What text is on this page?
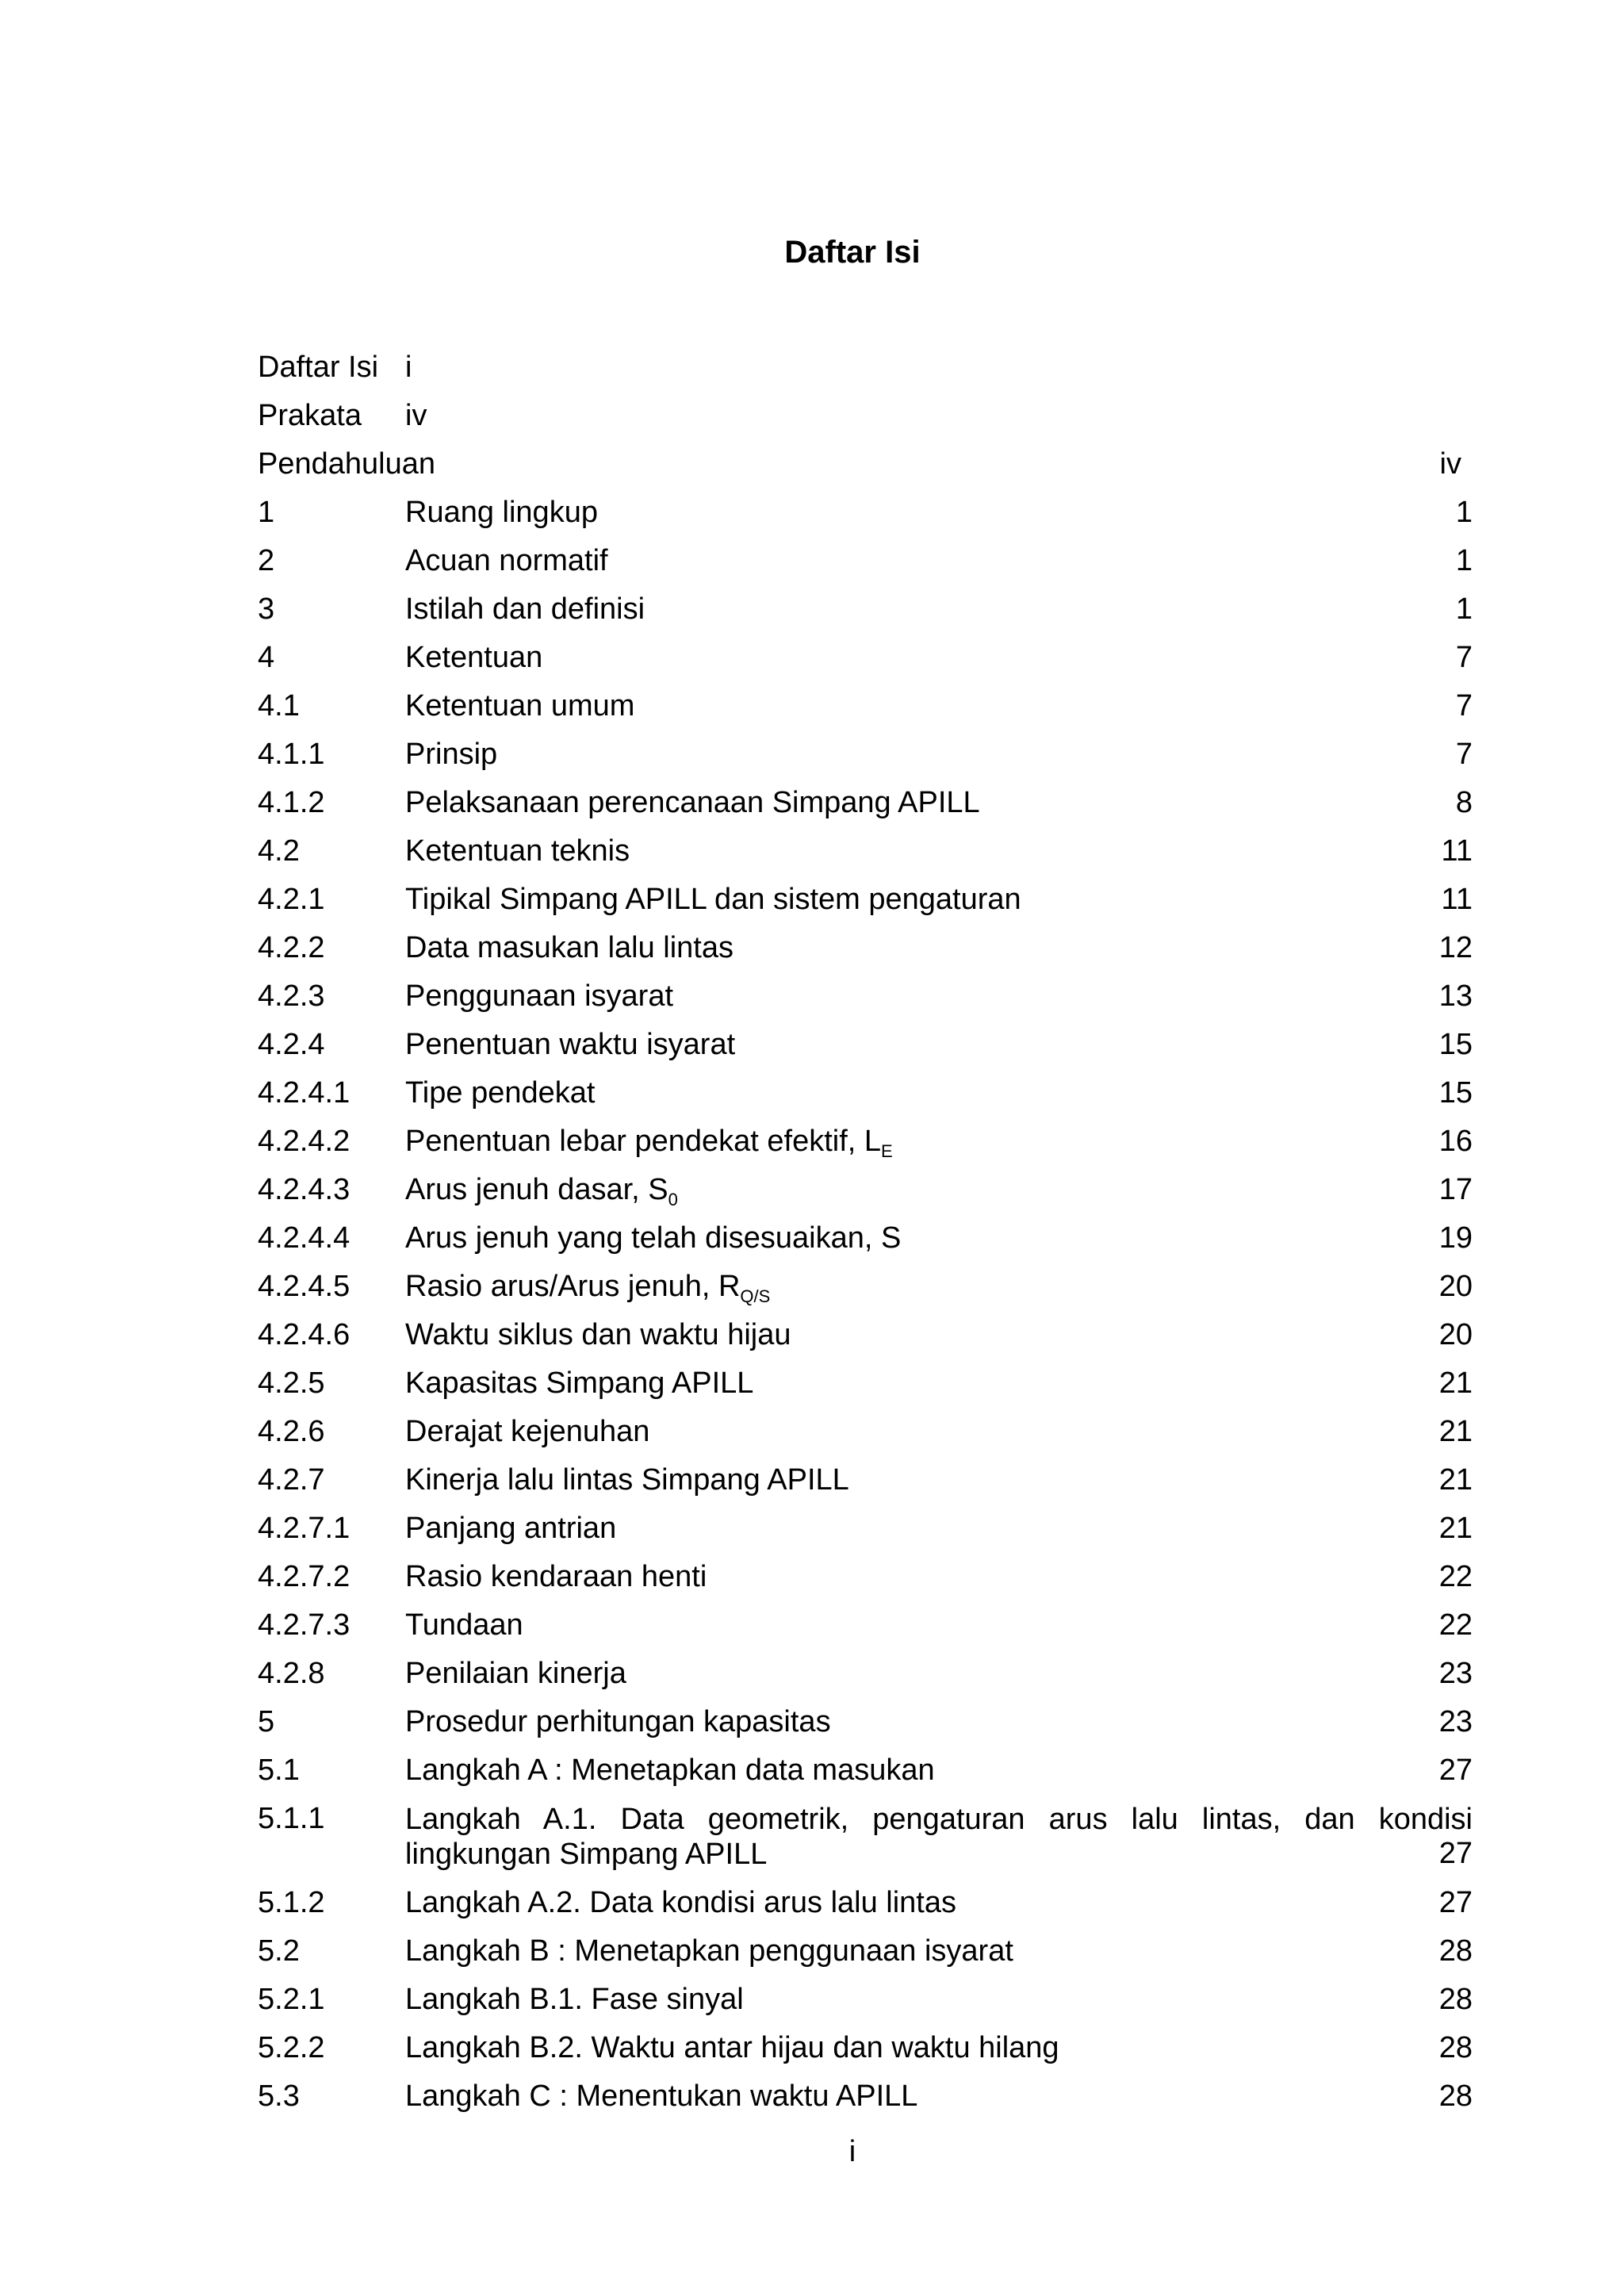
Daftar Isi
Daftar Isi i
Prakata iv
Pendahuluan	iv
1	Ruang lingkup	1
2	Acuan normatif	1
3	Istilah dan definisi	1
4	Ketentuan	7
4.1	Ketentuan umum	7
4.1.1	Prinsip	7
4.1.2	Pelaksanaan perencanaan Simpang APILL	8
4.2	Ketentuan teknis	11
4.2.1	Tipikal Simpang APILL dan sistem pengaturan	11
4.2.2	Data masukan lalu lintas	12
4.2.3	Penggunaan isyarat	13
4.2.4	Penentuan waktu isyarat	15
4.2.4.1 Tipe pendekat	15
4.2.4.2 Penentuan lebar pendekat efektif, $L_E$	16
4.2.4.3 Arus jenuh dasar, $S_0$	17
4.2.4.4 Arus jenuh yang telah disesuaikan, S	19
4.2.4.5 Rasio arus/Arus jenuh, $R_{Q/S}$	20
4.2.4.6 Waktu siklus dan waktu hijau	20
4.2.5	Kapasitas Simpang APILL	21
4.2.6	Derajat kejenuhan	21
4.2.7	Kinerja lalu lintas Simpang APILL	21
4.2.7.1 Panjang antrian	21
4.2.7.2 Rasio kendaraan henti	22
4.2.7.3 Tundaan	22
4.2.8	Penilaian kinerja	23
5	Prosedur perhitungan kapasitas	23
5.1	Langkah A : Menetapkan data masukan	27
5.1.1	Langkah A.1. Data geometrik, pengaturan arus lalu lintas, dan kondisi
lingkungan Simpang APILL	27
5.1.2	Langkah A.2. Data kondisi arus lalu lintas	27
5.2	Langkah B : Menetapkan penggunaan isyarat	28
5.2.1	Langkah B.1. Fase sinyal	28
5.2.2	Langkah B.2. Waktu antar hijau dan waktu hilang	28
5.3	Langkah C : Menentukan waktu APILL	28
i
